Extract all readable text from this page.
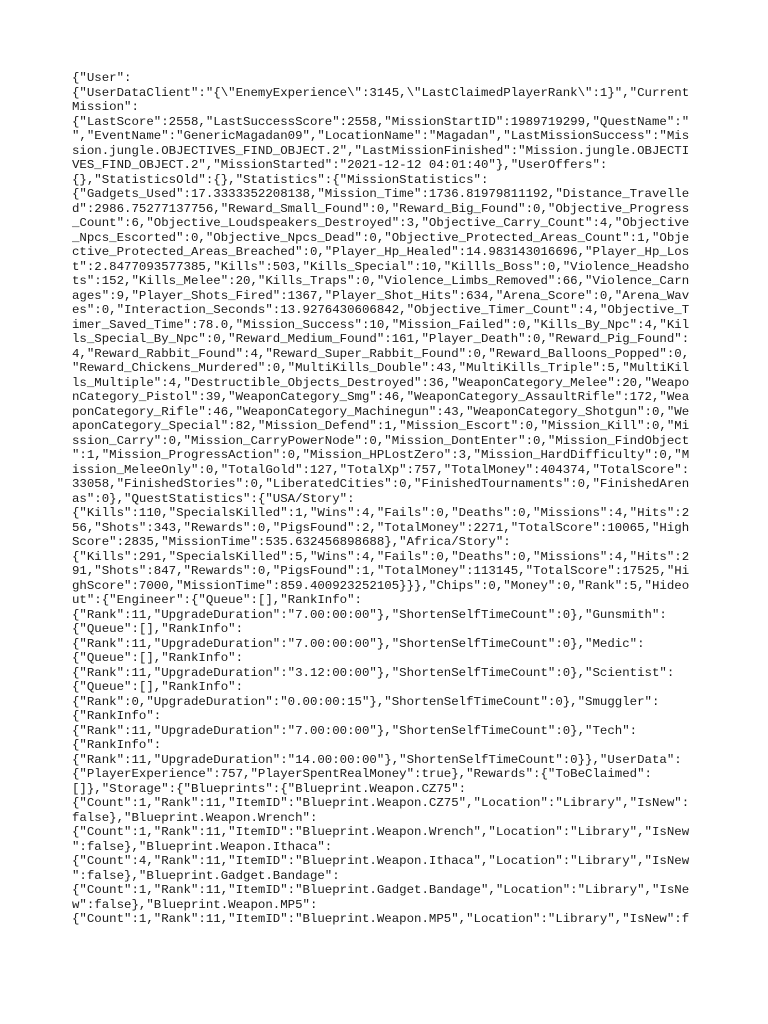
{"User":
{"UserDataClient":"{\"EnemyExperience\":3145,\"LastClaimedPlayerRank\":1}","Current
Mission":
{"LastScore":2558,"LastSuccessScore":2558,"MissionStartID":1989719299,"QuestName":"
","EventName":"GenericMagadan09","LocationName":"Magadan","LastMissionSuccess":"Mis
sion.jungle.OBJECTIVES_FIND_OBJECT.2","LastMissionFinished":"Mission.jungle.OBJECTI
VES_FIND_OBJECT.2","MissionStarted":"2021-12-12 04:01:40"},"UserOffers":
{},"StatisticsOld":{},"Statistics":{"MissionStatistics":
{"Gadgets_Used":17.3333352208138,"Mission_Time":1736.81979811192,"Distance_Travelle
d":2986.75277137756,"Reward_Small_Found":0,"Reward_Big_Found":0,"Objective_Progress
_Count":6,"Objective_Loudspeakers_Destroyed":3,"Objective_Carry_Count":4,"Objective
_Npcs_Escorted":0,"Objective_Npcs_Dead":0,"Objective_Protected_Areas_Count":1,"Obje
ctive_Protected_Areas_Breached":0,"Player_Hp_Healed":14.983143016696,"Player_Hp_Los
t":2.8477093577385,"Kills":503,"Kills_Special":10,"Killls_Boss":0,"Violence_Headsho
ts":152,"Kills_Melee":20,"Kills_Traps":0,"Violence_Limbs_Removed":66,"Violence_Carn
ages":9,"Player_Shots_Fired":1367,"Player_Shot_Hits":634,"Arena_Score":0,"Arena_Wav
es":0,"Interaction_Seconds":13.9276430606842,"Objective_Timer_Count":4,"Objective_T
imer_Saved_Time":78.0,"Mission_Success":10,"Mission_Failed":0,"Kills_By_Npc":4,"Kil
ls_Special_By_Npc":0,"Reward_Medium_Found":161,"Player_Death":0,"Reward_Pig_Found":
4,"Reward_Rabbit_Found":4,"Reward_Super_Rabbit_Found":0,"Reward_Balloons_Popped":0,
"Reward_Chickens_Murdered":0,"MultiKills_Double":43,"MultiKills_Triple":5,"MultiKil
ls_Multiple":4,"Destructible_Objects_Destroyed":36,"WeaponCategory_Melee":20,"Weapo
nCategory_Pistol":39,"WeaponCategory_Smg":46,"WeaponCategory_AssaultRifle":172,"Wea
ponCategory_Rifle":46,"WeaponCategory_Machinegun":43,"WeaponCategory_Shotgun":0,"We
aponCategory_Special":82,"Mission_Defend":1,"Mission_Escort":0,"Mission_Kill":0,"Mi
ssion_Carry":0,"Mission_CarryPowerNode":0,"Mission_DontEnter":0,"Mission_FindObject
":1,"Mission_ProgressAction":0,"Mission_HPLostZero":3,"Mission_HardDifficulty":0,"M
ission_MeleeOnly":0,"TotalGold":127,"TotalXp":757,"TotalMoney":404374,"TotalScore":
33058,"FinishedStories":0,"LiberatedCities":0,"FinishedTournaments":0,"FinishedAren
as":0},"QuestStatistics":{"USA/Story":
{"Kills":110,"SpecialsKilled":1,"Wins":4,"Fails":0,"Deaths":0,"Missions":4,"Hits":2
56,"Shots":343,"Rewards":0,"PigsFound":2,"TotalMoney":2271,"TotalScore":10065,"High
Score":2835,"MissionTime":535.632456898688},"Africa/Story":
{"Kills":291,"SpecialsKilled":5,"Wins":4,"Fails":0,"Deaths":0,"Missions":4,"Hits":2
91,"Shots":847,"Rewards":0,"PigsFound":1,"TotalMoney":113145,"TotalScore":17525,"Hi
ghScore":7000,"MissionTime":859.400923252105}}},"Chips":0,"Money":0,"Rank":5,"Hideo
ut":{"Engineer":{"Queue":[],"RankInfo":
{"Rank":11,"UpgradeDuration":"7.00:00:00"},"ShortenSelfTimeCount":0},"Gunsmith":
{"Queue":[],"RankInfo":
{"Rank":11,"UpgradeDuration":"7.00:00:00"},"ShortenSelfTimeCount":0},"Medic":
{"Queue":[],"RankInfo":
{"Rank":11,"UpgradeDuration":"3.12:00:00"},"ShortenSelfTimeCount":0},"Scientist":
{"Queue":[],"RankInfo":
{"Rank":0,"UpgradeDuration":"0.00:00:15"},"ShortenSelfTimeCount":0},"Smuggler":
{"RankInfo":
{"Rank":11,"UpgradeDuration":"7.00:00:00"},"ShortenSelfTimeCount":0},"Tech":
{"RankInfo":
{"Rank":11,"UpgradeDuration":"14.00:00:00"},"ShortenSelfTimeCount":0}},"UserData":
{"PlayerExperience":757,"PlayerSpentRealMoney":true},"Rewards":{"ToBeClaimed":
[]},"Storage":{"Blueprints":{"Blueprint.Weapon.CZ75":
{"Count":1,"Rank":11,"ItemID":"Blueprint.Weapon.CZ75","Location":"Library","IsNew":
false},"Blueprint.Weapon.Wrench":
{"Count":1,"Rank":11,"ItemID":"Blueprint.Weapon.Wrench","Location":"Library","IsNew
":false},"Blueprint.Weapon.Ithaca":
{"Count":4,"Rank":11,"ItemID":"Blueprint.Weapon.Ithaca","Location":"Library","IsNew
":false},"Blueprint.Gadget.Bandage":
{"Count":1,"Rank":11,"ItemID":"Blueprint.Gadget.Bandage","Location":"Library","IsNe
w":false},"Blueprint.Weapon.MP5":
{"Count":1,"Rank":11,"ItemID":"Blueprint.Weapon.MP5","Location":"Library","IsNew":f
